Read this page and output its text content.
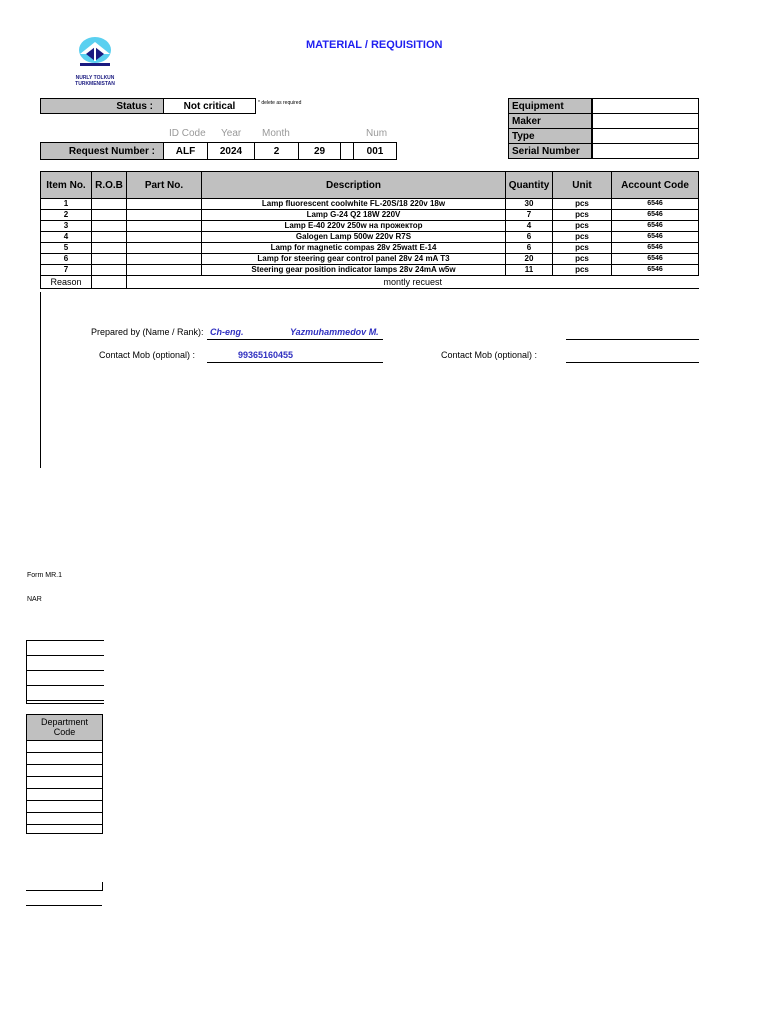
NURLY TOLKUN TURKMENISTAN
MATERIAL / REQUISITION
Status :	Not critical	* delete as required
ID Code Year Month	Num
Request Number :	ALF	2024	2	29	001
Equipment
Maker
Type
Serial Number
Item No.	R.O.B	Part No.	Description	Quantity	Unit	Account Code
1			Lamp fluorescent coolwhite FL-20S/18 220v 18w	30	pcs	6546
2			Lamp G-24 Q2 18W 220V	7	pcs	6546
3			Lamp E-40 220v 250w на прожектор	4	pcs	6546
4			Galogen Lamp 500w 220v R7S	6	pcs	6546
5			Lamp for magnetic compas 28v 25watt E-14	6	pcs	6546
6			Lamp for steering gear control panel 28v 24 mA T3	20	pcs	6546
7			Steering gear position indicator lamps 28v 24mA w5w	11	pcs	6546
Reason		montly recuest				
Prepared by (Name / Rank): Ch-eng.	Yazmuhammedov M.
Contact Mob (optional) :	99365160455	Contact Mob (optional) :
Form MR.1
NAR
Department Code
